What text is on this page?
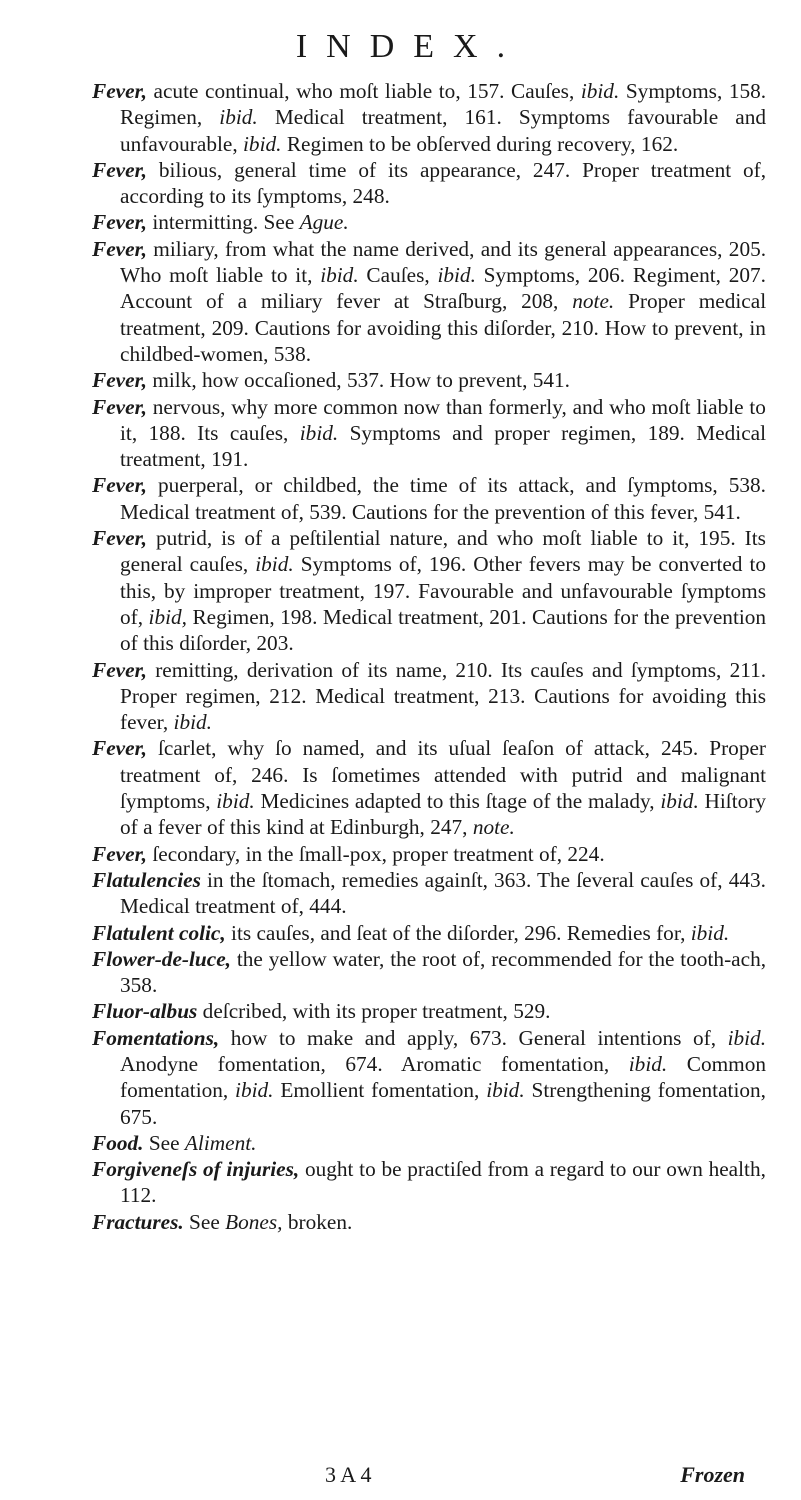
INDEX.

Fever, acute continual, who moſt liable to, 157. Cauſes, ibid. Symptoms, 158. Regimen, ibid. Medical treatment, 161. Symptoms favourable and unfavourable, ibid. Regimen to be obſerved during recovery, 162.

Fever, bilious, general time of its appearance, 247. Proper treatment of, according to its ſymptoms, 248.

Fever, intermitting. See Ague.

Fever, miliary, from what the name derived, and its general appearances, 205. Who moſt liable to it, ibid. Cauſes, ibid. Symptoms, 206. Regiment, 207. Account of a miliary fever at Straſburg, 208, note. Proper medical treatment, 209. Cautions for avoiding this diſorder, 210. How to prevent, in childbed-women, 538.

Fever, milk, how occaſioned, 537. How to prevent, 541.

Fever, nervous, why more common now than formerly, and who moſt liable to it, 188. Its cauſes, ibid. Symptoms and proper regimen, 189. Medical treatment, 191.

Fever, puerperal, or childbed, the time of its attack, and ſymptoms, 538. Medical treatment of, 539. Cautions for the prevention of this fever, 541.

Fever, putrid, is of a peſtilential nature, and who moſt liable to it, 195. Its general cauſes, ibid. Symptoms of, 196. Other fevers may be converted to this, by improper treatment, 197. Favourable and unfavourable ſymptoms of, ibid, Regimen, 198. Medical treatment, 201. Cautions for the prevention of this diſorder, 203.

Fever, remitting, derivation of its name, 210. Its cauſes and ſymptoms, 211. Proper regimen, 212. Medical treatment, 213. Cautions for avoiding this fever, ibid.

Fever, ſcarlet, why ſo named, and its uſual ſeaſon of attack, 245. Proper treatment of, 246. Is ſometimes attended with putrid and malignant ſymptoms, ibid. Medicines adapted to this ſtage of the malady, ibid. Hiſtory of a fever of this kind at Edinburgh, 247, note.

Fever, ſecondary, in the ſmall-pox, proper treatment of, 224.

Flatulencies in the ſtomach, remedies againſt, 363. The ſeveral cauſes of, 443. Medical treatment of, 444.

Flatulent colic, its cauſes, and ſeat of the diſorder, 296. Remedies for, ibid.

Flower-de-luce, the yellow water, the root of, recommended for the tooth-ach, 358.

Fluor-albus deſcribed, with its proper treatment, 529.

Fomentations, how to make and apply, 673. General intentions of, ibid. Anodyne fomentation, 674. Aromatic fomentation, ibid. Common fomentation, ibid. Emollient fomentation, ibid. Strengthening fomentation, 675.

Food. See Aliment.

Forgiveneſs of injuries, ought to be practiſed from a regard to our own health, 112.

Fractures. See Bones, broken.

3 A 4	Frozen
